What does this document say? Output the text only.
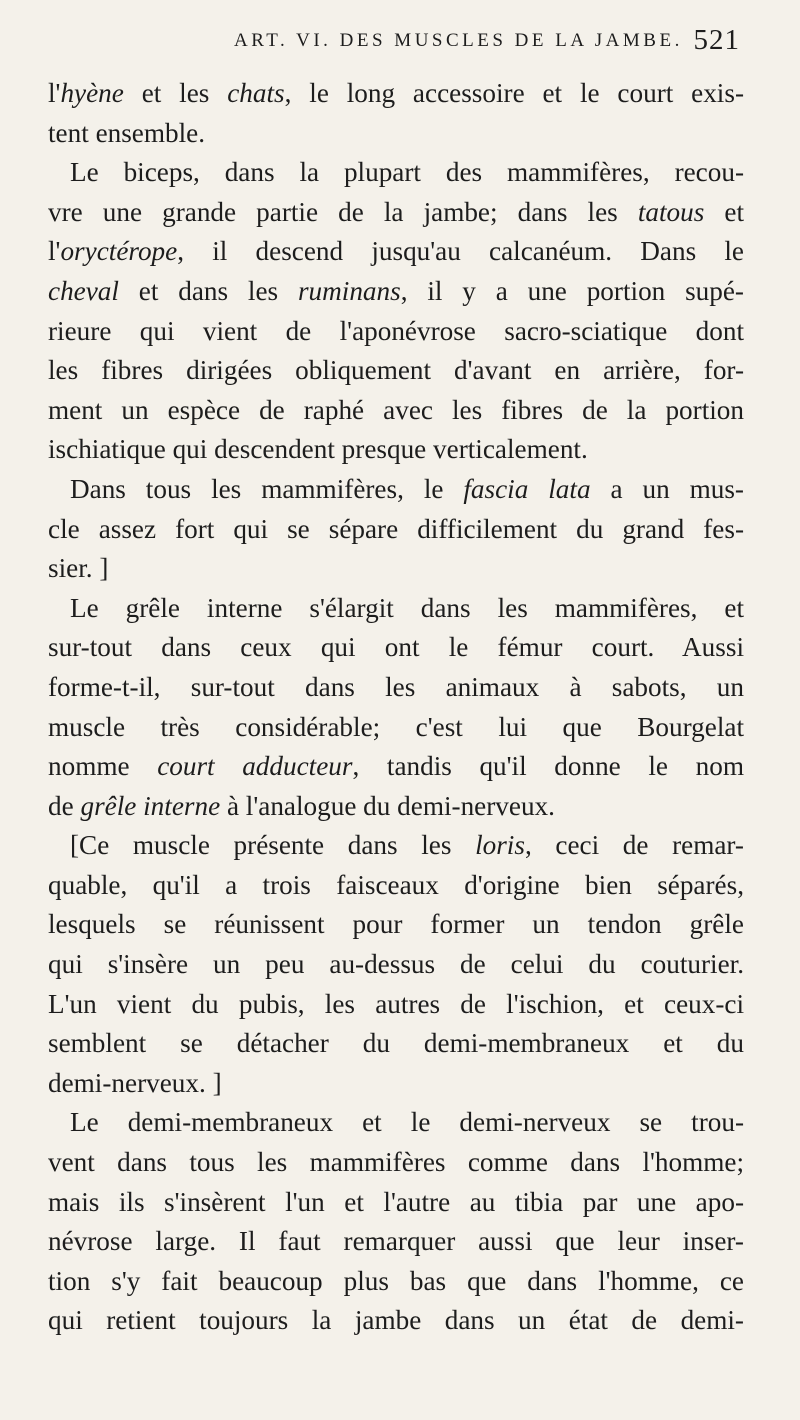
ART. VI. DES MUSCLES DE LA JAMBE. 521
l'hyène et les chats, le long accessoire et le court exis-
tent ensemble.
Le biceps, dans la plupart des mammifères, recou-
vre une grande partie de la jambe; dans les tatous et
l'oryctérope, il descend jusqu'au calcanéum. Dans le
cheval et dans les ruminans, il y a une portion supé-
rieure qui vient de l'aponévrose sacro-sciatique dont
les fibres dirigées obliquement d'avant en arrière, for-
ment un espèce de raphé avec les fibres de la portion
ischiatique qui descendent presque verticalement.
Dans tous les mammifères, le fascia lata a un mus-
cle assez fort qui se sépare difficilement du grand fes-
sier. ]
Le grêle interne s'élargit dans les mammifères, et
sur-tout dans ceux qui ont le fémur court. Aussi
forme-t-il, sur-tout dans les animaux à sabots, un
muscle très considérable; c'est lui que Bourgelat
nomme court adducteur, tandis qu'il donne le nom
de grêle interne à l'analogue du demi-nerveux.
[Ce muscle présente dans les loris, ceci de remar-
quable, qu'il a trois faisceaux d'origine bien séparés,
lesquels se réunissent pour former un tendon grêle
qui s'insère un peu au-dessus de celui du couturier.
L'un vient du pubis, les autres de l'ischion, et ceux-ci
semblent se détacher du demi-membraneux et du
demi-nerveux. ]
Le demi-membraneux et le demi-nerveux se trou-
vent dans tous les mammifères comme dans l'homme;
mais ils s'insèrent l'un et l'autre au tibia par une apo-
névrose large. Il faut remarquer aussi que leur inser-
tion s'y fait beaucoup plus bas que dans l'homme, ce
qui retient toujours la jambe dans un état de demi-
